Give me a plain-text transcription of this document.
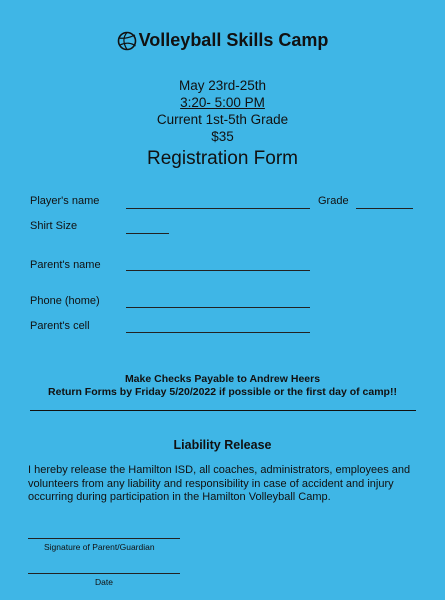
Volleyball Skills Camp
May 23rd-25th
3:20- 5:00 PM
Current 1st-5th Grade
$35
Registration Form
Player's name	Grade
Shirt Size
Parent's name
Phone (home)
Parent's cell
Make Checks Payable to Andrew Heers
Return Forms by Friday 5/20/2022 if possible or the first day of camp!!
Liability Release
I hereby release the Hamilton ISD, all coaches, administrators, employees and volunteers from any liability and responsibility in case of accident and injury occurring during participation in the Hamilton Volleyball Camp.
Signature of Parent/Guardian
Date
